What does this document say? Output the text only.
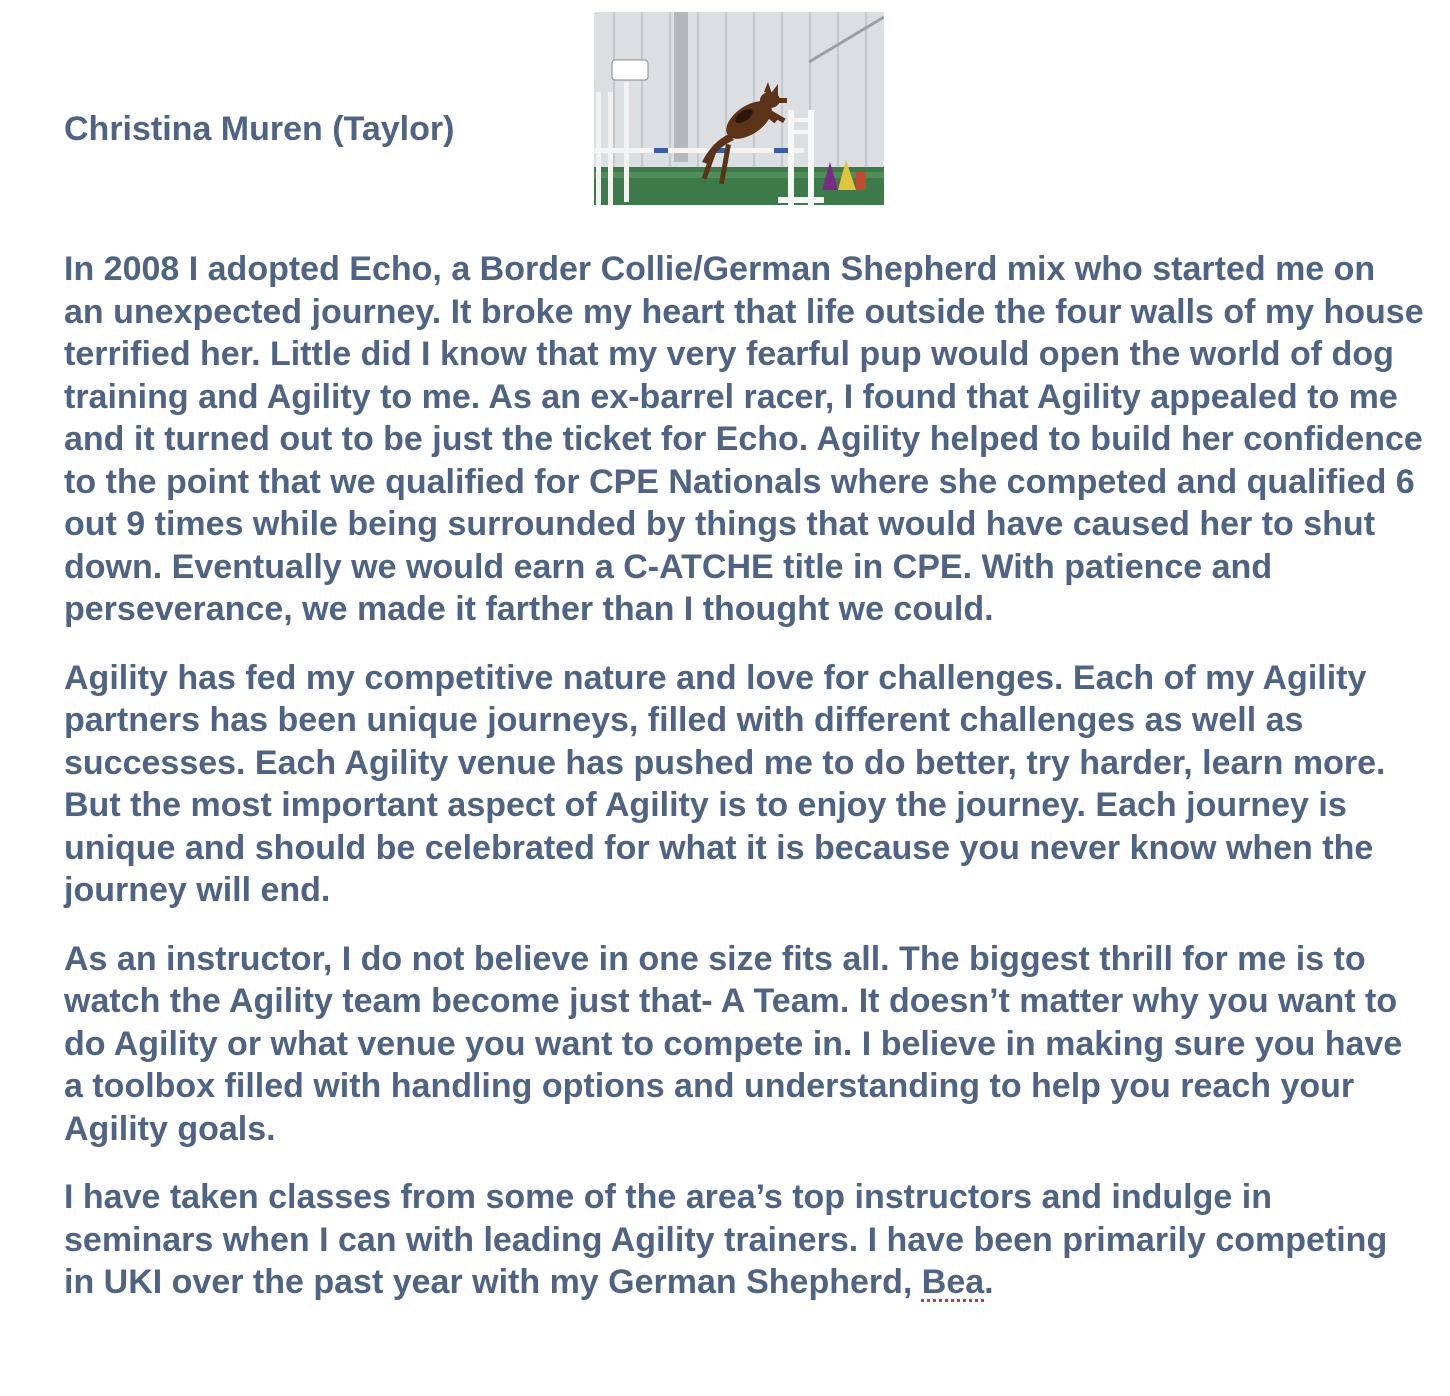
Christina Muren (Taylor)

In 2008 I adopted Echo, a Border Collie/German Shepherd mix who started me on an unexpected journey. It broke my heart that life outside the four walls of my house terrified her. Little did I know that my very fearful pup would open the world of dog training and Agility to me. As an ex-barrel racer, I found that Agility appealed to me and it turned out to be just the ticket for Echo. Agility helped to build her confidence to the point that we qualified for CPE Nationals where she competed and qualified 6 out 9 times while being surrounded by things that would have caused her to shut down. Eventually we would earn a C-ATCHE title in CPE. With patience and perseverance, we made it farther than I thought we could.

Agility has fed my competitive nature and love for challenges. Each of my Agility partners has been unique journeys, filled with different challenges as well as successes. Each Agility venue has pushed me to do better, try harder, learn more. But the most important aspect of Agility is to enjoy the journey. Each journey is unique and should be celebrated for what it is because you never know when the journey will end.

As an instructor, I do not believe in one size fits all. The biggest thrill for me is to watch the Agility team become just that- A Team. It doesn’t matter why you want to do Agility or what venue you want to compete in. I believe in making sure you have a toolbox filled with handling options and understanding to help you reach your Agility goals.

I have taken classes from some of the area’s top instructors and indulge in seminars when I can with leading Agility trainers. I have been primarily competing in UKI over the past year with my German Shepherd, Bea.
